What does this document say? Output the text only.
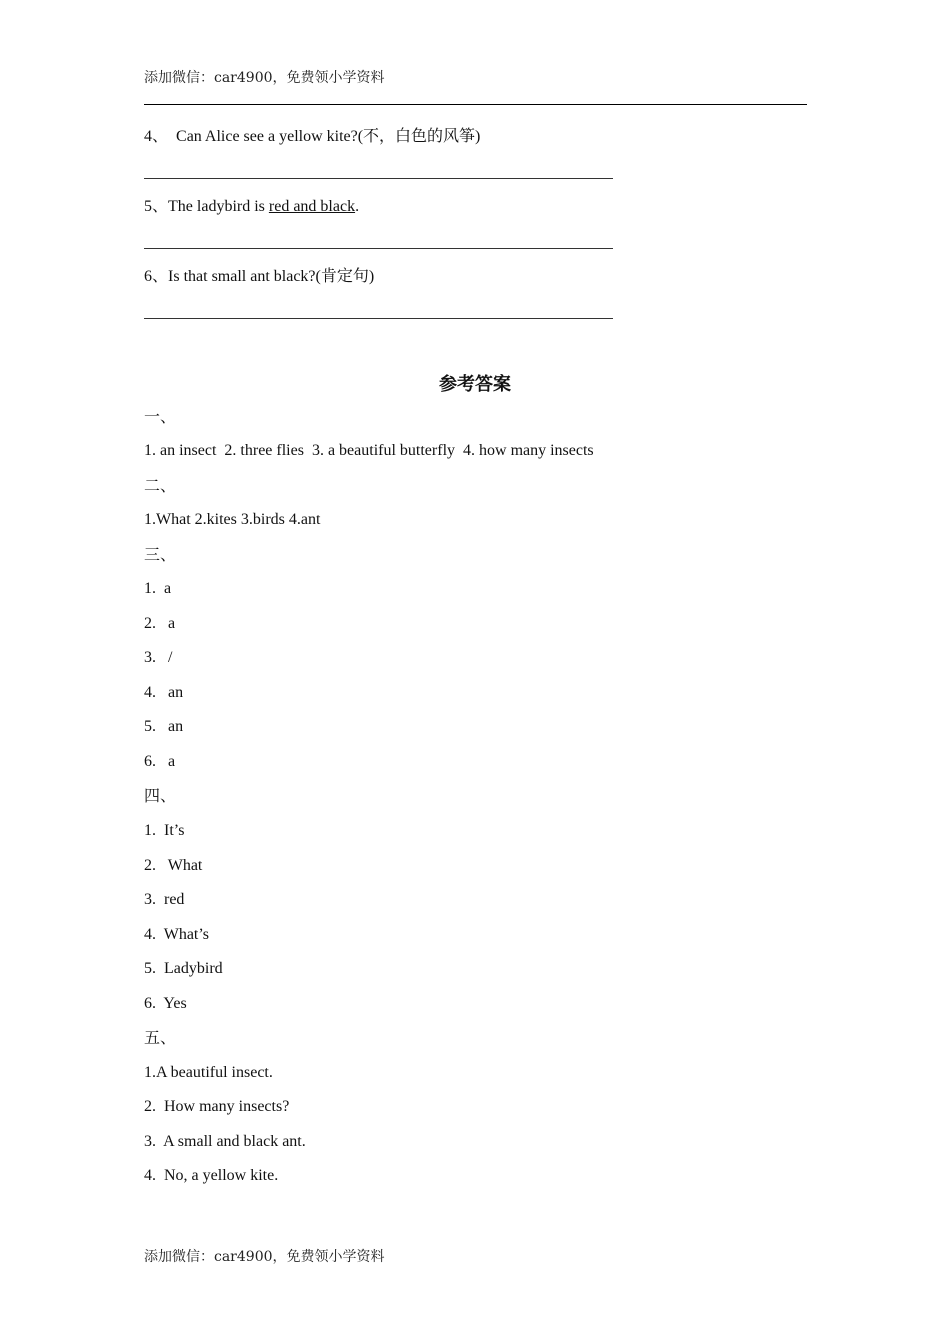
添加微信：car4900，免费领小学资料
4、 Can Alice see a yellow kite?(不，白色的风筝)
5、The ladybird is red and black.
6、Is that small ant black?(肯定句)
参考答案
一、
1. an insect  2. three flies  3. a beautiful butterfly  4. how many insects
二、
1.What 2.kites 3.birds 4.ant
三、
1.  a
2.   a
3.   /
4.   an
5.   an
6.   a
四、
1.  It’s
2.   What
3.  red
4.  What’s
5.  Ladybird
6.  Yes
五、
1.A beautiful insect.
2.  How many insects?
3.  A small and black ant.
4.  No, a yellow kite.
添加微信：car4900，免费领小学资料
